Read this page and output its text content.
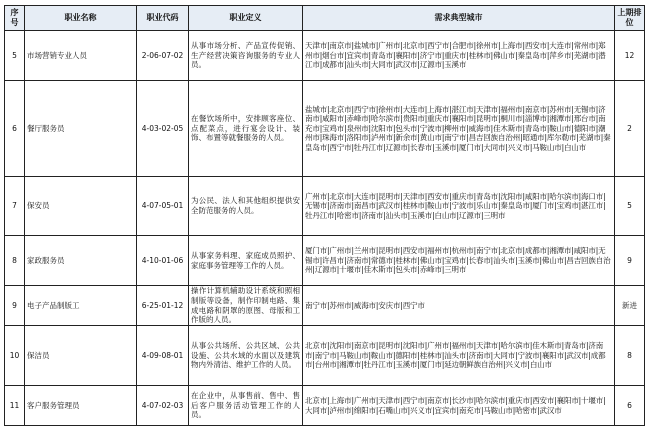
序号	职业名称	职业代码	职业定义	需求典型城市	上期排位
5	市场营销专业人员	2-06-07-02	从事市场分析、产品宣传促销、生产经营决策咨询服务的专业人员。	天津市|南京市|盐城市|广州市|北京市|西宁市|合肥市|徐州市|上海市|西安市|大连市|常州市|郑州市|烟台市|宜宾市|青岛市|襄阳市|济宁市|重庆市|桂林市|佛山市|秦皇岛市|萍乡市|芜湖市|潜江市|成都市|汕头市|大同市|武汉市|辽源市|玉溪市	12
6	餐厅服务员	4-03-02-05	在餐饮场所中，安排顾客座位、点配菜点，进行宴会设计、装饰、布置等就餐服务的人员。	盐城市|北京市|西宁市|徐州市|大连市|上海市|湛江市|天津市|福州市|南京市|苏州市|无锡市|济南市|咸阳市|赤峰市|哈尔滨市|贵阳市|重庆市|襄阳市|昆明市|桐川市|淄博市|湘潭市|邢台市|南充市|宝鸡市|泉州市|沈阳市|包头市|宁波市|柳州市|威海市|佳木斯市|青岛市|鞍山市|德阳市|潮州市|珠海市|洛阳市|泸州市|新余市|黄山市|南宁市|昌吉回族自治州|昭通市|库尔勒市|芜湖市|秦皇岛市|西宁市|牡丹江市|辽源市|长春市|玉溪市|厦门市|大同市|兴义市|马鞍山市|白山市	2
7	保安员	4-07-05-01	为公民、法人和其他组织提供安全防范服务的人员。	广州市|北京市|大连市|昆明市|天津市|西安市|重庆市|青岛市|沈阳市|咸阳市|哈尔滨市|海口市|无锡市|济南市|南昌市|武汉市|桂林市|鞍山市|宁波市|乐山市|秦皇岛市|厦门市|宝鸡市|湛江市|牡丹江市|哈密市|济南市|汕头市|玉溪市|白山市|辽源市|三明市	5
8	家政服务员	4-10-01-06	从事家务料理、家庭成员照护、家庭事务管理等工作的人员。	厦门市|广州市|兰州市|昆明市|西安市|福州市|杭州市|南宁市|北京市|成都市|湘潭市|咸阳市|无锡市|许昌市|济南市|常德市|桂林市|佛山市|宝鸡市|长春市|汕头市|玉溪市|佛山市|昌吉回族自治州|辽源市|十堰市|佳木斯市|包头市|赤峰市|三明市	9
9	电子产品制版工	6-25-01-12	操作计算机辅助设计系统和照相制版等设备，制作印制电路、集成电路和阴罩的原图、母版和工作版的人员。	南宁市|苏州市|威海市|安庆市|西宁市	新进
10	保洁员	4-09-08-01	从事公共场所、公共区域、公共设施、公共水域的水面以及建筑物内外清洁、维护工作的人员。	北京市|沈阳市|南京市|昆明市|沈阳市|广州市|福州市|天津市|哈尔滨市|佳木斯市|青岛市|济南市|南宁市|马鞍山市|鞍山市|德阳市|桂林市|汕头市|济南市|大同市|宁波市|襄阳市|武汉市|成都市|台州市|湘潭市|牡丹江市|玉溪市|厦门市|延边朝鲜族自治州|兴义市|白山市	8
11	客户服务管理员	4-07-02-03	在企业中，从事售前、售中、售后客户服务活动管理工作的人员。	北京市|上海市|广州市|天津市|西宁市|南京市|长沙市|哈尔滨市|重庆市|西安市|襄阳市|十堰市|大同市|泸州市|绵阳市|石嘴山市|兴义市|宜宾市|南充市|马鞍山市|哈密市|武汉市	6
